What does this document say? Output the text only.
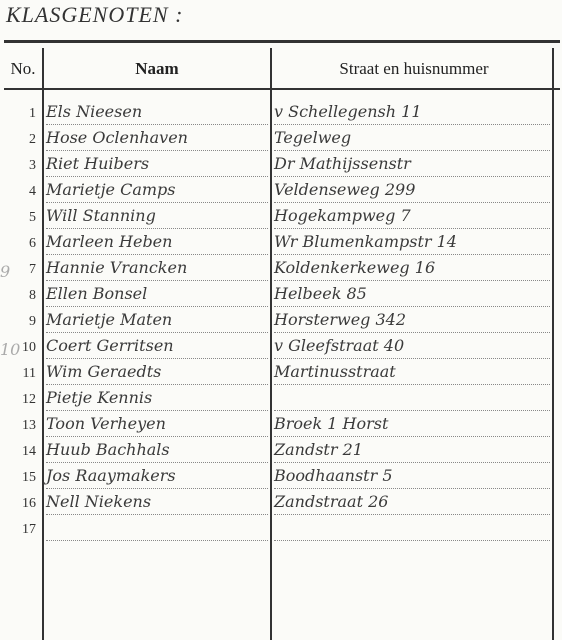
KLASGENOTEN :
No.	Naam	Straat en huisnummer
1 Els Nieesen	v Schellegensh 11
2 Hose Oclenhaven	Tegelweg
3 Riet Huibers	Dr Mathijssenstr
4 Marietje Camps	Veldenseweg 299
5 Will Stanning	Hogekampweg 7
6 Marleen Heben	Wr Blumenkampstr 14
7 Hannie Vrancken	Koldenkerkeweg 16
8 Ellen Bonsel	Helbeek 85
9 Marietje Maten	Horsterweg 342
10 Coert Gerritsen	v Gleefstraat 40
11 Wim Geraedts	Martinusstraat
12 Pietje Kennis
13 Toon Verheyen	Broek 1 Horst
14 Huub Bachhals	Zandstr 21
15 Jos Raaymakers	Boodhaanstr 5
16 Nell Niekens	Zandstraat 26
17
9
10
